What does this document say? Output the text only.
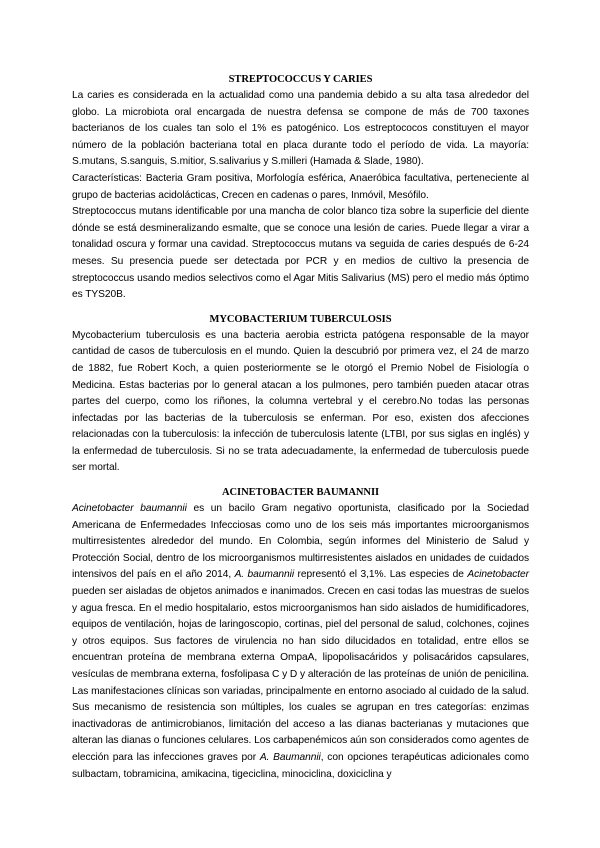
STREPTOCOCCUS Y CARIES

La caries es considerada en la actualidad como una pandemia debido a su alta tasa alrededor del globo. La microbiota oral encargada de nuestra defensa se compone de más de 700 taxones bacterianos de los cuales tan solo el 1% es patogénico. Los estreptococos constituyen el mayor número de la población bacteriana total en placa durante todo el período de vida. La mayoría: S.mutans, S.sanguis, S.mitior, S.salivarius y S.milleri (Hamada & Slade, 1980).

Características: Bacteria Gram positiva, Morfología esférica, Anaeróbica facultativa, perteneciente al grupo de bacterias acidolácticas, Crecen en cadenas o pares, Inmóvil, Mesófilo.

Streptococcus mutans identificable por una mancha de color blanco tiza sobre la superficie del diente dónde se está desmineralizando esmalte, que se conoce una lesión de caries. Puede llegar a virar a tonalidad oscura y formar una cavidad. Streptococcus mutans va seguida de caries después de 6-24 meses. Su presencia puede ser detectada por PCR y en medios de cultivo la presencia de streptococcus usando medios selectivos como el Agar Mitis Salivarius (MS) pero el medio más óptimo es TYS20B.

MYCOBACTERIUM TUBERCULOSIS

Mycobacterium tuberculosis es una bacteria aerobia estricta patógena responsable de la mayor cantidad de casos de tuberculosis en el mundo. Quien la descubrió por primera vez, el 24 de marzo de 1882, fue Robert Koch, a quien posteriormente se le otorgó el Premio Nobel de Fisiología o Medicina. Estas bacterias por lo general atacan a los pulmones, pero también pueden atacar otras partes del cuerpo, como los riñones, la columna vertebral y el cerebro.No todas las personas infectadas por las bacterias de la tuberculosis se enferman. Por eso, existen dos afecciones relacionadas con la tuberculosis: la infección de tuberculosis latente (LTBI, por sus siglas en inglés) y la enfermedad de tuberculosis. Si no se trata adecuadamente, la enfermedad de tuberculosis puede ser mortal.

ACINETOBACTER BAUMANNII

Acinetobacter baumannii es un bacilo Gram negativo oportunista, clasificado por la Sociedad Americana de Enfermedades Infecciosas como uno de los seis más importantes microorganismos multirresistentes alrededor del mundo. En Colombia, según informes del Ministerio de Salud y Protección Social, dentro de los microorganismos multirresistentes aislados en unidades de cuidados intensivos del país en el año 2014, A. baumannii representó el 3,1%. Las especies de Acinetobacter pueden ser aisladas de objetos animados e inanimados. Crecen en casi todas las muestras de suelos y agua fresca. En el medio hospitalario, estos microorganismos han sido aislados de humidificadores, equipos de ventilación, hojas de laringoscopio, cortinas, piel del personal de salud, colchones, cojines y otros equipos. Sus factores de virulencia no han sido dilucidados en totalidad, entre ellos se encuentran proteína de membrana externa OmpaA, lipopolisacáridos y polisacáridos capsulares, vesículas de membrana externa, fosfolipasa C y D y alteración de las proteínas de unión de penicilina. Las manifestaciones clínicas son variadas, principalmente en entorno asociado al cuidado de la salud. Sus mecanismo de resistencia son múltiples, los cuales se agrupan en tres categorías: enzimas inactivadoras de antimicrobianos, limitación del acceso a las dianas bacterianas y mutaciones que alteran las dianas o funciones celulares. Los carbapenémicos aún son considerados como agentes de elección para las infecciones graves por A. Baumannii, con opciones terapéuticas adicionales como sulbactam, tobramicina, amikacina, tigeciclina, minociclina, doxiciclina y
